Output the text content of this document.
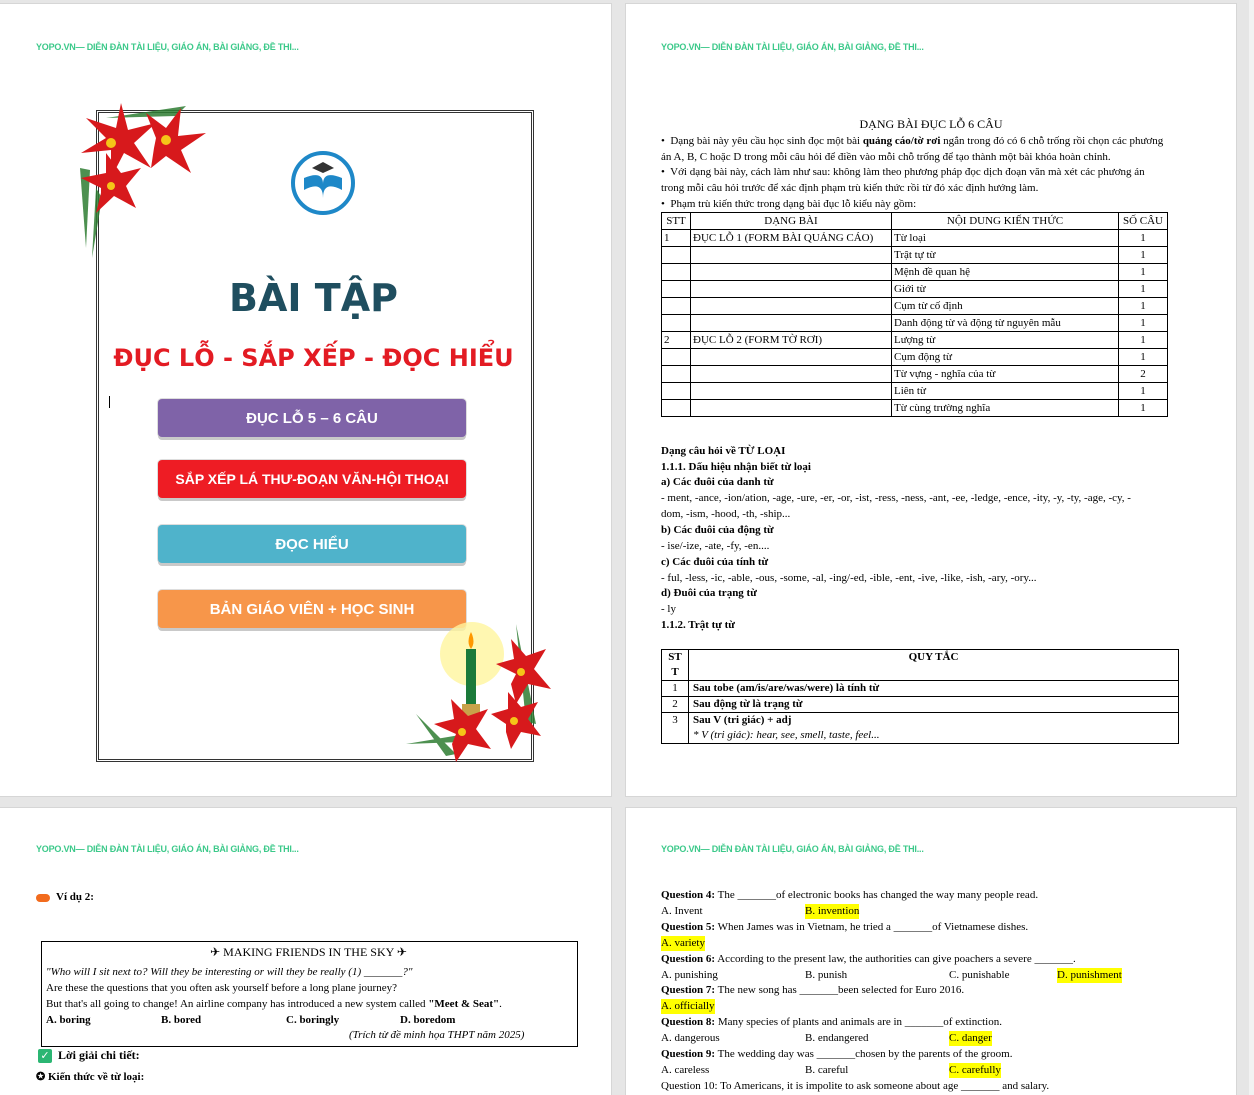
YOPO.VN— DIỄN ĐÀN TÀI LIỆU, GIÁO ÁN, BÀI GIẢNG, ĐỀ THI...
BÀI TẬP
ĐỤC LỖ - SẮP XẾP - ĐỌC HIỂU
ĐỤC LỖ 5 – 6 CÂU
SẮP XẾP LÁ THƯ-ĐOẠN VĂN-HỘI THOẠI
ĐỌC HIỂU
BẢN GIÁO VIÊN + HỌC SINH
YOPO.VN— DIỄN ĐÀN TÀI LIỆU, GIÁO ÁN, BÀI GIẢNG, ĐỀ THI...
DẠNG BÀI ĐỤC LỖ 6 CÂU
•  Dạng bài này yêu cầu học sinh đọc một bài quảng cáo/tờ rơi ngắn trong đó có 6 chỗ trống rồi chọn các phương
án A, B, C hoặc D trong mỗi câu hỏi để điền vào mỗi chỗ trống để tạo thành một bài khóa hoàn chỉnh.
•  Với dạng bài này, cách làm như sau: không làm theo phương pháp đọc dịch đoạn văn mà xét các phương án
trong mỗi câu hỏi trước để xác định phạm trù kiến thức rồi từ đó xác định hướng làm.
•  Phạm trù kiến thức trong dạng bài đục lỗ kiểu này gồm:
STT	DẠNG BÀI	NỘI DUNG KIẾN THỨC	SỐ CÂU
1	ĐỤC LỖ 1 (FORM BÀI QUẢNG CÁO)	Từ loại	1
		Trật tự từ	1
		Mệnh đề quan hệ	1
		Giới từ	1
		Cụm từ cố định	1
		Danh động từ và động từ nguyên mẫu	1
2	ĐỤC LỖ 2 (FORM TỜ RƠI)	Lượng từ	1
		Cụm động từ	1
		Từ vựng - nghĩa của từ	2
		Liên từ	1
		Từ cùng trường nghĩa	1
Dạng câu hỏi về TỪ LOẠI
1.1.1. Dấu hiệu nhận biết từ loại
a) Các đuôi của danh từ
- ment, -ance, -ion/ation, -age, -ure, -er, -or, -ist, -ress, -ness, -ant, -ee, -ledge, -ence, -ity, -y, -ty, -age, -cy, -
dom, -ism, -hood, -th, -ship...
b) Các đuôi của động từ
- ise/-ize, -ate, -fy, -en....
c) Các đuôi của tính từ
- ful, -less, -ic, -able, -ous, -some, -al, -ing/-ed, -ible, -ent, -ive, -like, -ish, -ary, -ory...
d) Đuôi của trạng từ
- ly
1.1.2. Trật tự từ
ST
T	QUY TẮC
1	Sau tobe (am/is/are/was/were) là tính từ
2	Sau động từ là trạng từ
3	Sau V (tri giác) + adj
* V (tri giác): hear, see, smell, taste, feel...
YOPO.VN— DIỄN ĐÀN TÀI LIỆU, GIÁO ÁN, BÀI GIẢNG, ĐỀ THI...
Ví dụ 2:
✈ MAKING FRIENDS IN THE SKY ✈
"Who will I sit next to? Will they be interesting or will they be really (1) _______?"
Are these the questions that you often ask yourself before a long plane journey?
But that's all going to change! An airline company has introduced a new system called "Meet & Seat".
A. boring	B. bored	C. boringly	D. boredom
(Trích từ đề minh họa THPT năm 2025)
✓ Lời giải chi tiết:
✪ Kiến thức về từ loại:
YOPO.VN— DIỄN ĐÀN TÀI LIỆU, GIÁO ÁN, BÀI GIẢNG, ĐỀ THI...
Question 4: The _______of electronic books has changed the way many people read.
A. Invent	B. invention
Question 5: When James was in Vietnam, he tried a _______of Vietnamese dishes.
A. variety
Question 6: According to the present law, the authorities can give poachers a severe _______.
A. punishing	B. punish	C. punishable	D. punishment
Question 7: The new song has _______been selected for Euro 2016.
A. officially
Question 8: Many species of plants and animals are in _______of extinction.
A. dangerous	B. endangered	C. danger
Question 9: The wedding day was _______chosen by the parents of the groom.
A. careless	B. careful	C. carefully
Question 10: To Americans, it is impolite to ask someone about age _______ and salary.
